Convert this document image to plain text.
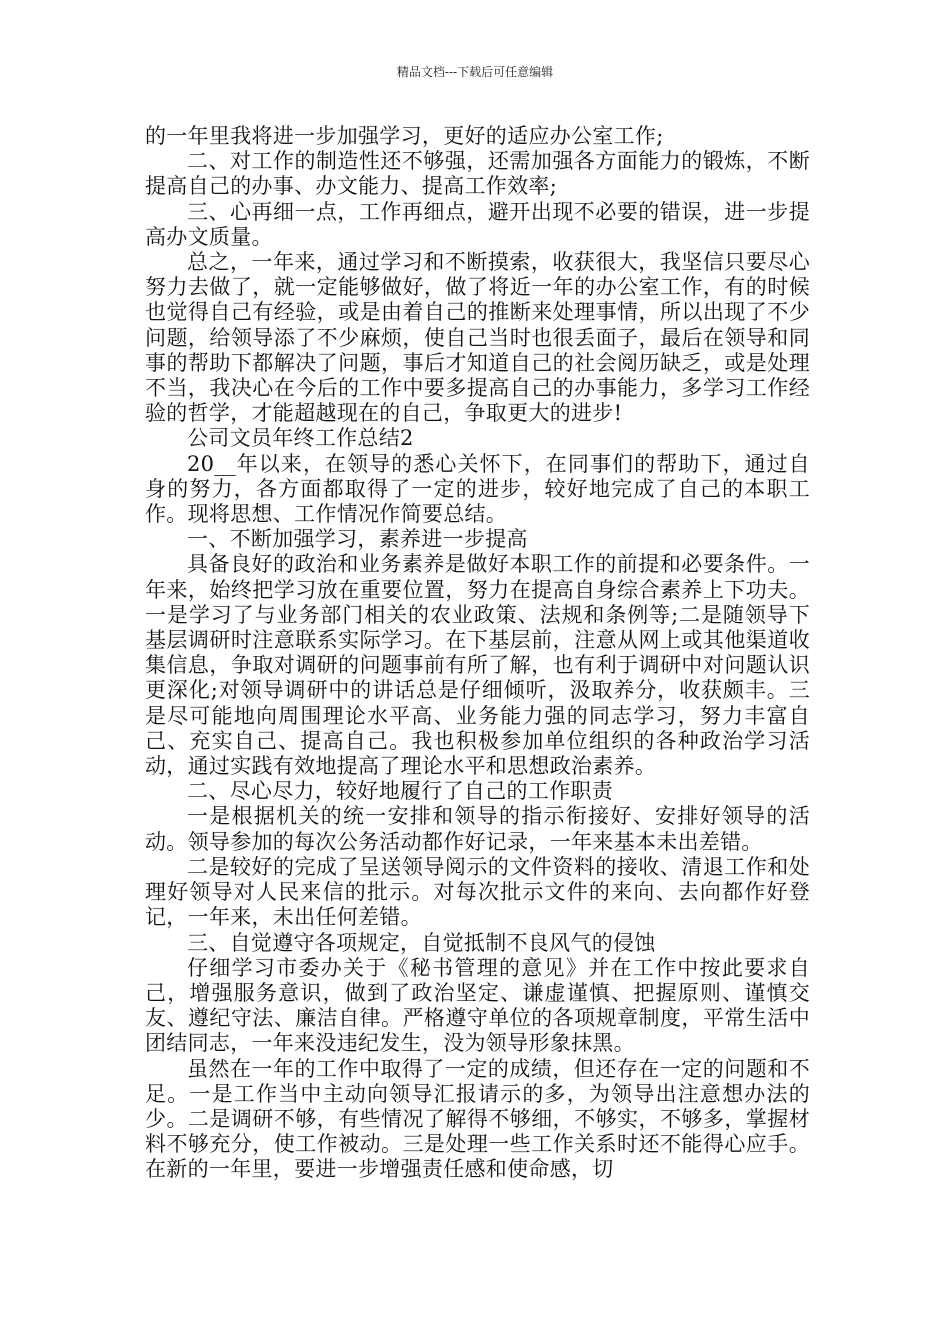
精品文档---下载后可任意编辑

的一年里我将进一步加强学习，更好的适应办公室工作;

二、对工作的制造性还不够强，还需加强各方面能力的锻炼，不断提高自己的办事、办文能力、提高工作效率;

三、心再细一点，工作再细点，避开出现不必要的错误，进一步提高办文质量。

总之，一年来，通过学习和不断摸索，收获很大，我坚信只要尽心努力去做了，就一定能够做好，做了将近一年的办公室工作，有的时候也觉得自己有经验，或是由着自己的推断来处理事情，所以出现了不少问题，给领导添了不少麻烦，使自己当时也很丢面子，最后在领导和同事的帮助下都解决了问题，事后才知道自己的社会阅历缺乏，或是处理不当，我决心在今后的工作中要多提高自己的办事能力，多学习工作经验的哲学，才能超越现在的自己，争取更大的进步!

公司文员年终工作总结2

20__年以来，在领导的悉心关怀下，在同事们的帮助下，通过自身的努力，各方面都取得了一定的进步，较好地完成了自己的本职工作。现将思想、工作情况作简要总结。

一、不断加强学习，素养进一步提高

具备良好的政治和业务素养是做好本职工作的前提和必要条件。一年来，始终把学习放在重要位置，努力在提高自身综合素养上下功夫。一是学习了与业务部门相关的农业政策、法规和条例等;二是随领导下基层调研时注意联系实际学习。在下基层前，注意从网上或其他渠道收集信息，争取对调研的问题事前有所了解，也有利于调研中对问题认识更深化;对领导调研中的讲话总是仔细倾听，汲取养分，收获颇丰。三是尽可能地向周围理论水平高、业务能力强的同志学习，努力丰富自己、充实自己、提高自己。我也积极参加单位组织的各种政治学习活动，通过实践有效地提高了理论水平和思想政治素养。

二、尽心尽力，较好地履行了自己的工作职责

一是根据机关的统一安排和领导的指示衔接好、安排好领导的活动。领导参加的每次公务活动都作好记录，一年来基本未出差错。

二是较好的完成了呈送领导阅示的文件资料的接收、清退工作和处理好领导对人民来信的批示。对每次批示文件的来向、去向都作好登记，一年来，未出任何差错。

三、自觉遵守各项规定，自觉抵制不良风气的侵蚀

仔细学习市委办关于《秘书管理的意见》并在工作中按此要求自己，增强服务意识，做到了政治坚定、谦虚谨慎、把握原则、谨慎交友、遵纪守法、廉洁自律。严格遵守单位的各项规章制度，平常生活中团结同志，一年来没违纪发生，没为领导形象抹黑。

虽然在一年的工作中取得了一定的成绩，但还存在一定的问题和不足。一是工作当中主动向领导汇报请示的多，为领导出注意想办法的少。二是调研不够，有些情况了解得不够细，不够实，不够多，掌握材料不够充分，使工作被动。三是处理一些工作关系时还不能得心应手。在新的一年里，要进一步增强责任感和使命感，切
